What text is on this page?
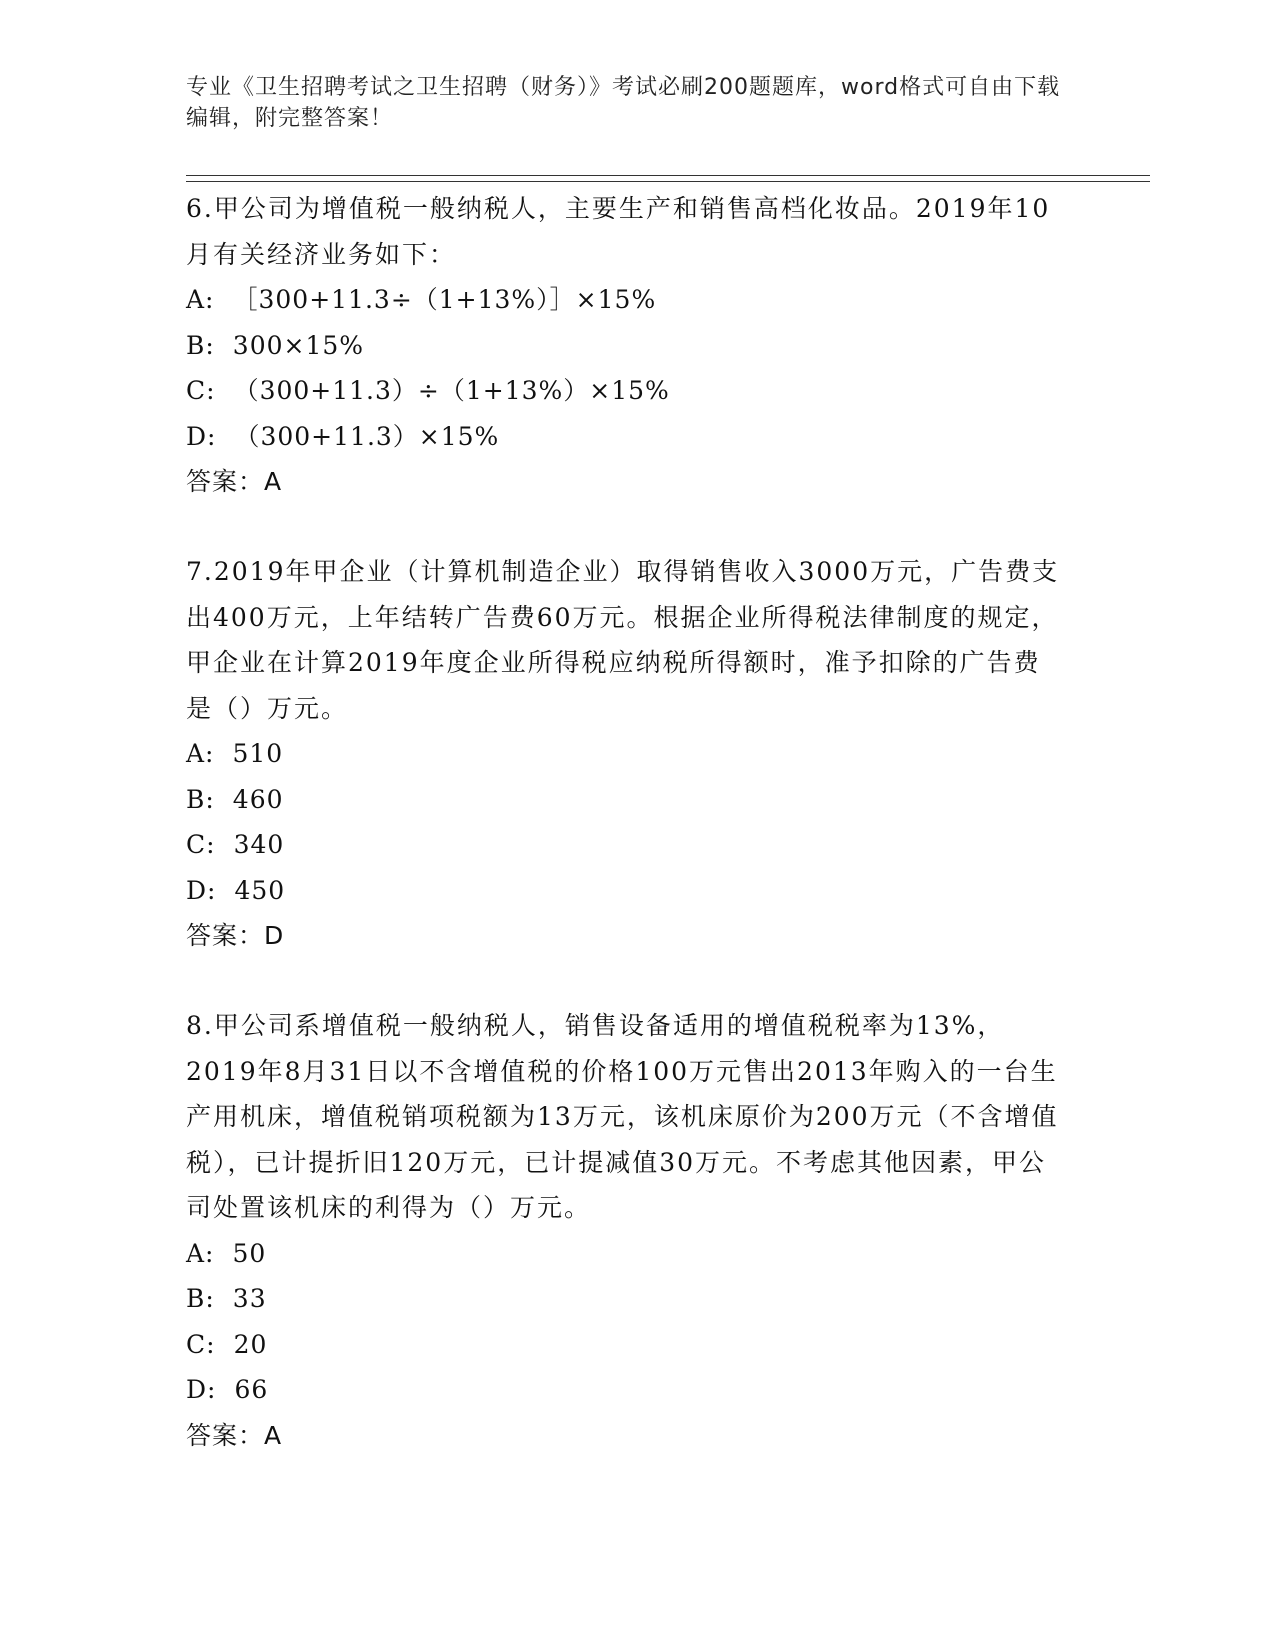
专业《卫生招聘考试之卫生招聘（财务）》考试必刷200题题库，word格式可自由下载编辑，附完整答案！

6.甲公司为增值税一般纳税人，主要生产和销售高档化妆品。2019年10月有关经济业务如下：

A: ［300+11.3÷（1+13%）］×15%

B: 300×15%

C: （300+11.3）÷（1+13%）×15%

D: （300+11.3）×15%

答案：A

7.2019年甲企业（计算机制造企业）取得销售收入3000万元，广告费支出400万元，上年结转广告费60万元。根据企业所得税法律制度的规定，甲企业在计算2019年度企业所得税应纳税所得额时，准予扣除的广告费是（）万元。

A: 510

B: 460

C: 340

D: 450

答案：D

8.甲公司系增值税一般纳税人，销售设备适用的增值税税率为13%，2019年8月31日以不含增值税的价格100万元售出2013年购入的一台生产用机床，增值税销项税额为13万元，该机床原价为200万元（不含增值税），已计提折旧120万元，已计提减值30万元。不考虑其他因素，甲公司处置该机床的利得为（）万元。

A: 50

B: 33

C: 20

D: 66

答案：A
